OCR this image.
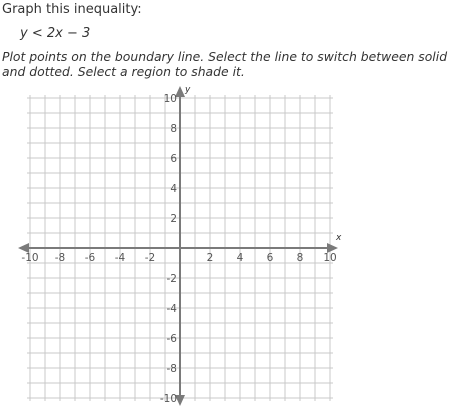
Graph this inequality:
y < 2x − 3
Plot points on the boundary line. Select the line to switch between solid and dotted. Select a region to shade it.
x
y
-10 -8 -6 -4 -2	2 4 6 8 10
10
8
6
4
2
-2
-4
-6
-8
-10
